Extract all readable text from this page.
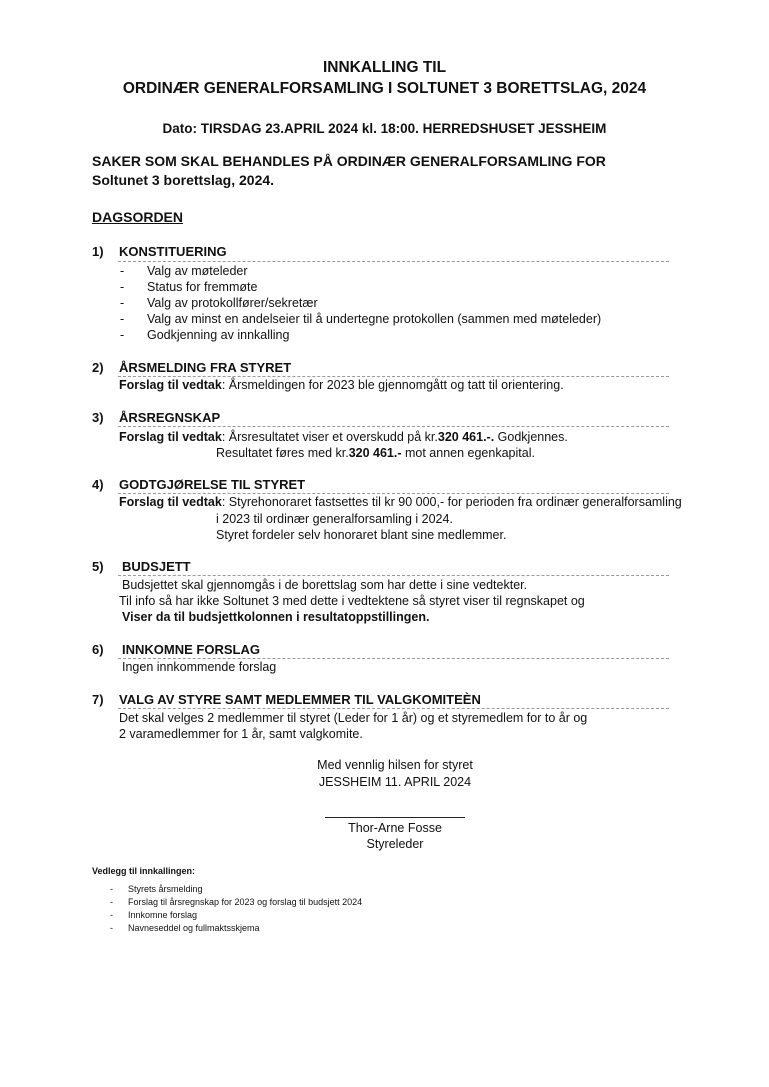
INNKALLING TIL
ORDINÆR GENERALFORSAMLING I SOLTUNET 3 BORETTSLAG, 2024
Dato: TIRSDAG 23.APRIL 2024 kl. 18:00. HERREDSHUSET JESSHEIM
SAKER SOM SKAL BEHANDLES PÅ ORDINÆR GENERALFORSAMLING FOR
Soltunet 3 borettslag, 2024.
DAGSORDEN
1) KONSTITUERING
- Valg av møteleder
- Status for fremmøte
- Valg av protokollfører/sekretær
- Valg av minst en andelseier til å undertegne protokollen (sammen med møteleder)
- Godkjenning av innkalling
2) ÅRSMELDING FRA STYRET
Forslag til vedtak: Årsmeldingen for 2023 ble gjennomgått og tatt til orientering.
3) ÅRSREGNSKAP
Forslag til vedtak: Årsresultatet viser et overskudd på kr.320 461.-. Godkjennes.
Resultatet føres med kr.320 461.- mot annen egenkapital.
4) GODTGJØRELSE TIL STYRET
Forslag til vedtak: Styrehonoraret fastsettes til kr 90 000,- for perioden fra ordinær generalforsamling
i 2023 til ordinær generalforsamling i 2024.
Styret fordeler selv honoraret blant sine medlemmer.
5) BUDSJETT
Budsjettet skal gjennomgås i de borettslag som har dette i sine vedtekter.
Til info så har ikke Soltunet 3 med dette i vedtektene så styret viser til regnskapet og
Viser da til budsjettkolonnen i resultatoppstillingen.
6) INNKOMNE FORSLAG
Ingen innkommende forslag
7) VALG AV STYRE SAMT MEDLEMMER TIL VALGKOMITEÈN
Det skal velges 2 medlemmer til styret (Leder for 1 år) og et styremedlem for to år og
2 varamedlemmer for 1 år, samt valgkomite.
Med vennlig hilsen for styret
JESSHEIM 11. APRIL 2024
Thor-Arne Fosse
Styreleder
Vedlegg til innkallingen:
- Styrets årsmelding
- Forslag til årsregnskap for 2023 og forslag til budsjett 2024
- Innkomne forslag
- Navneseddel og fullmaktsskjema
